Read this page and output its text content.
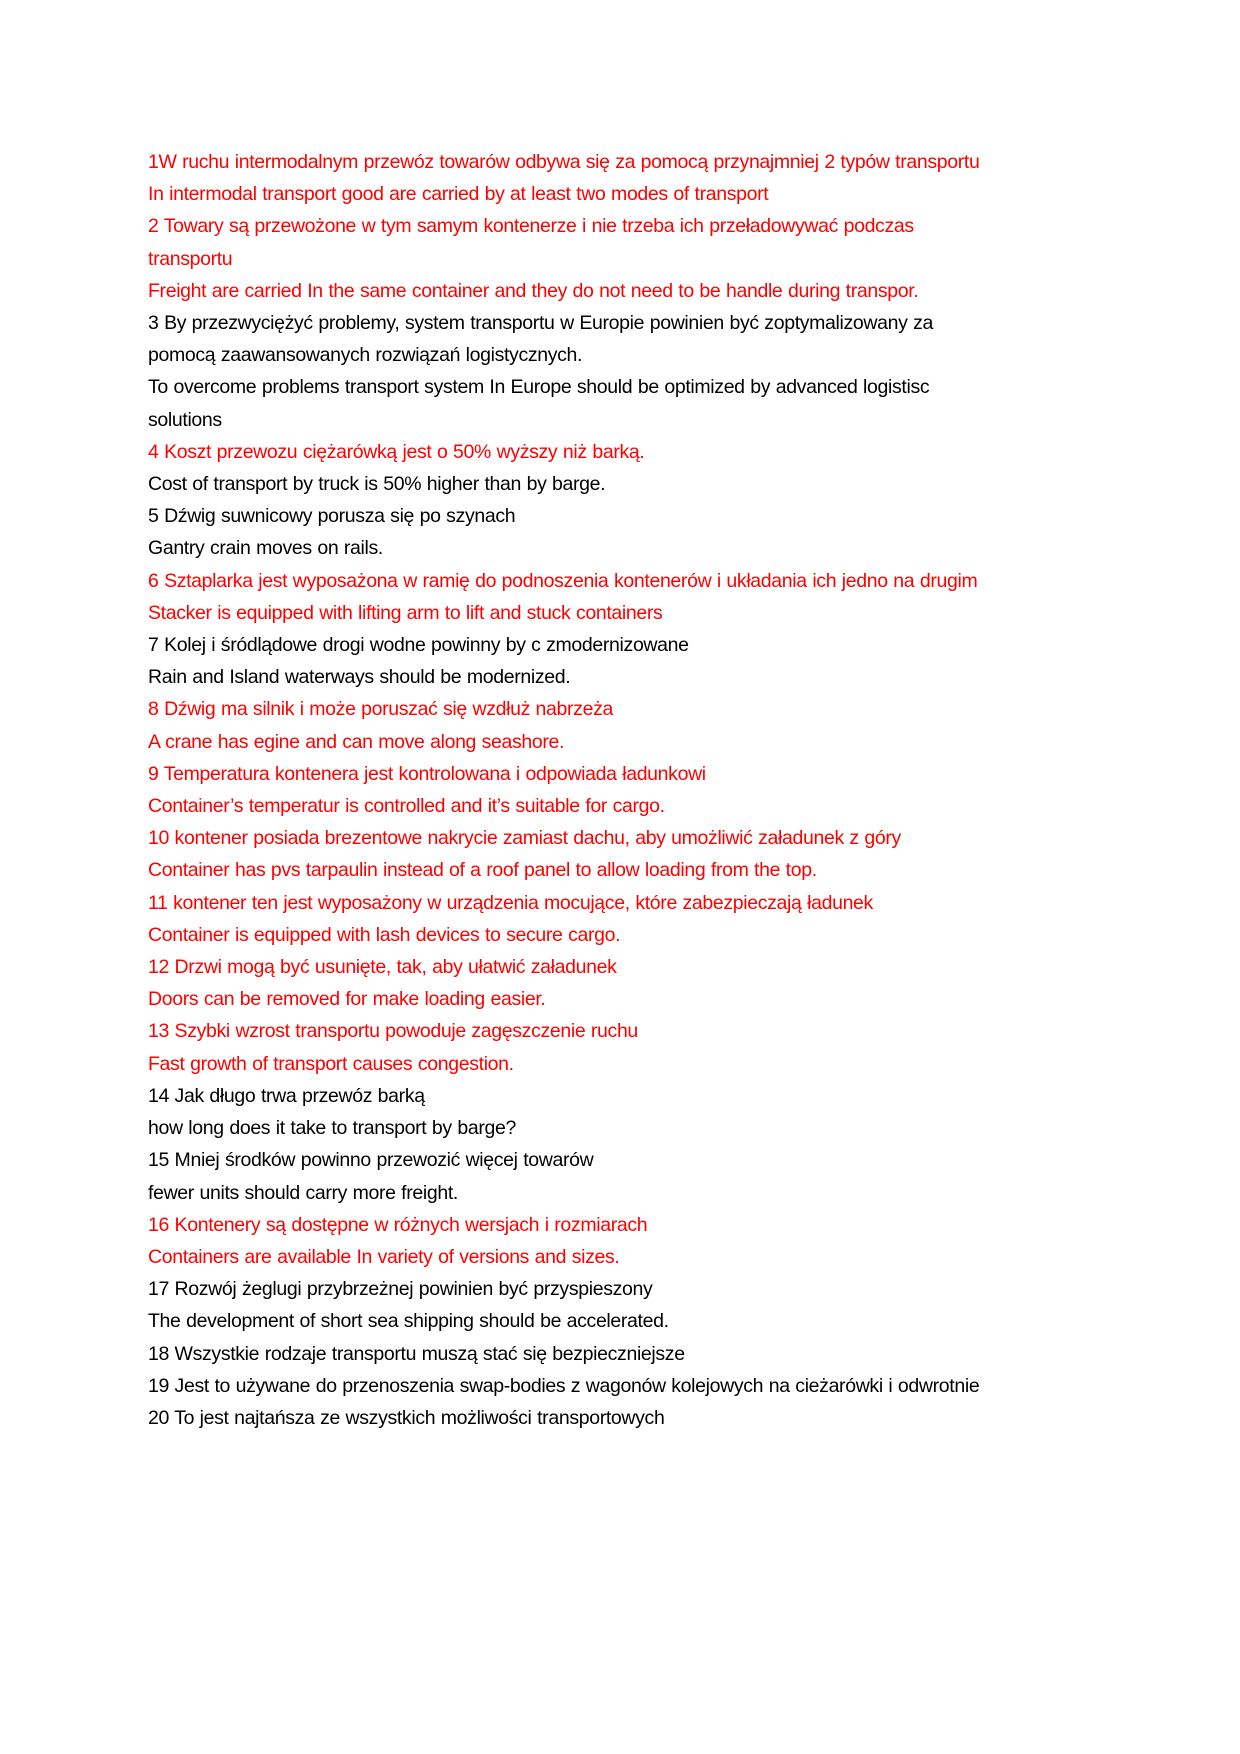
1W ruchu intermodalnym przewóz towarów odbywa się za pomocą przynajmniej 2 typów transportu
In intermodal transport good are carried by at least two modes of transport
2 Towary są przewożone w tym samym kontenerze i nie trzeba ich przeładowywać podczas
transportu
Freight are carried In the same container and they do not need to be handle during transpor.
3 By przezwyciężyć problemy, system transportu w Europie powinien być zoptymalizowany za
pomocą zaawansowanych rozwiązań logistycznych.
To overcome problems transport system In Europe should be optimized by advanced logistisc
solutions
4 Koszt przewozu ciężarówką jest o 50% wyższy niż barką.
Cost of transport by truck is 50% higher than by barge.
5 Dźwig suwnicowy porusza się po szynach
Gantry crain moves on rails.
6 Sztaplarka jest wyposażona w ramię do podnoszenia kontenerów i układania ich jedno na drugim
Stacker is equipped with lifting arm to lift and stuck containers
7 Kolej i śródlądowe drogi wodne powinny by c zmodernizowane
Rain and Island waterways should be modernized.
8 Dźwig ma silnik i może poruszać się wzdłuż nabrzeża
A crane has egine and can move along seashore.
9 Temperatura kontenera jest kontrolowana i odpowiada ładunkowi
Container’s temperatur is controlled and it’s suitable for cargo.
10 kontener posiada brezentowe nakrycie zamiast dachu, aby umożliwić załadunek z góry
Container has pvs tarpaulin instead of a roof panel to allow loading from the top.
11 kontener ten jest wyposażony w urządzenia mocujące, które zabezpieczają ładunek
Container is equipped with lash devices to secure cargo.
12 Drzwi mogą być usunięte, tak, aby ułatwić załadunek
Doors can be removed for make loading easier.
13 Szybki wzrost transportu powoduje zagęszczenie ruchu
Fast growth of transport causes congestion.
14 Jak długo trwa przewóz barką
how long does it take to transport by barge?
15 Mniej środków powinno przewozić więcej towarów
fewer units should carry more freight.
16 Kontenery są dostępne w różnych wersjach i rozmiarach
Containers are available In variety of versions and sizes.
17 Rozwój żeglugi przybrzeżnej powinien być przyspieszony
The development of short sea shipping should be accelerated.
18 Wszystkie rodzaje transportu muszą stać się bezpieczniejsze
19 Jest to używane do przenoszenia swap-bodies z wagonów kolejowych na cieżarówki i odwrotnie
20 To jest najtańsza ze wszystkich możliwości transportowych
